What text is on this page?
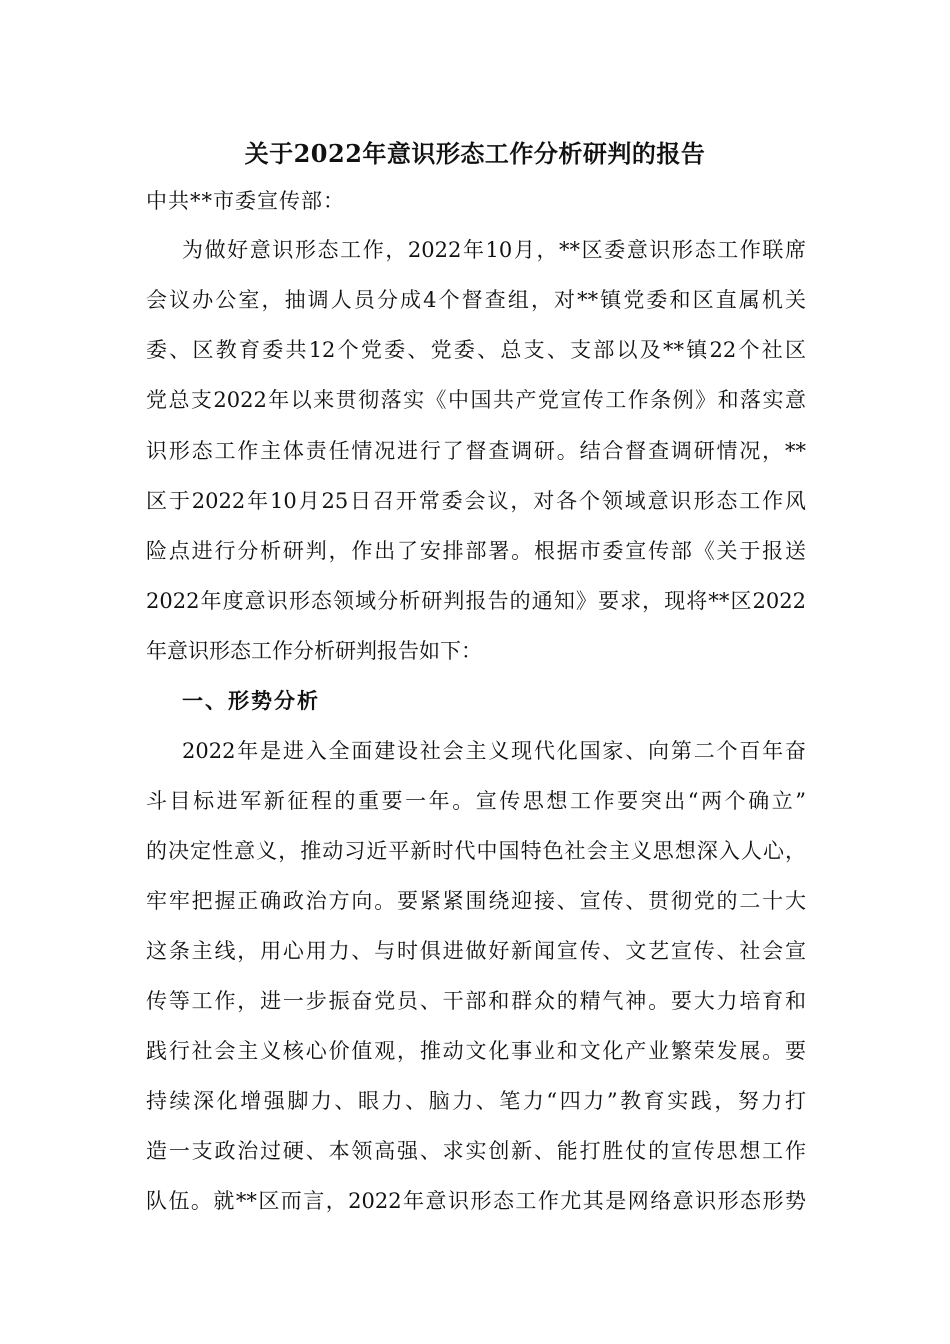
关于2022年意识形态工作分析研判的报告

中共**市委宣传部：

为做好意识形态工作，2022年10月，**区委意识形态工作联席

会议办公室，抽调人员分成4个督查组，对**镇党委和区直属机关

委、区教育委共12个党委、党委、总支、支部以及**镇22个社区

党总支2022年以来贯彻落实《中国共产党宣传工作条例》和落实意

识形态工作主体责任情况进行了督查调研。结合督查调研情况，**

区于2022年10月25日召开常委会议，对各个领域意识形态工作风

险点进行分析研判，作出了安排部署。根据市委宣传部《关于报送

2022年度意识形态领域分析研判报告的通知》要求，现将**区2022

年意识形态工作分析研判报告如下：

一、形势分析

2022年是进入全面建设社会主义现代化国家、向第二个百年奋

斗目标进军新征程的重要一年。宣传思想工作要突出“两个确立”

的决定性意义，推动习近平新时代中国特色社会主义思想深入人心，

牢牢把握正确政治方向。要紧紧围绕迎接、宣传、贯彻党的二十大

这条主线，用心用力、与时俱进做好新闻宣传、文艺宣传、社会宣

传等工作，进一步振奋党员、干部和群众的精气神。要大力培育和

践行社会主义核心价值观，推动文化事业和文化产业繁荣发展。要

持续深化增强脚力、眼力、脑力、笔力“四力”教育实践，努力打

造一支政治过硬、本领高强、求实创新、能打胜仗的宣传思想工作

队伍。就**区而言，2022年意识形态工作尤其是网络意识形态形势
